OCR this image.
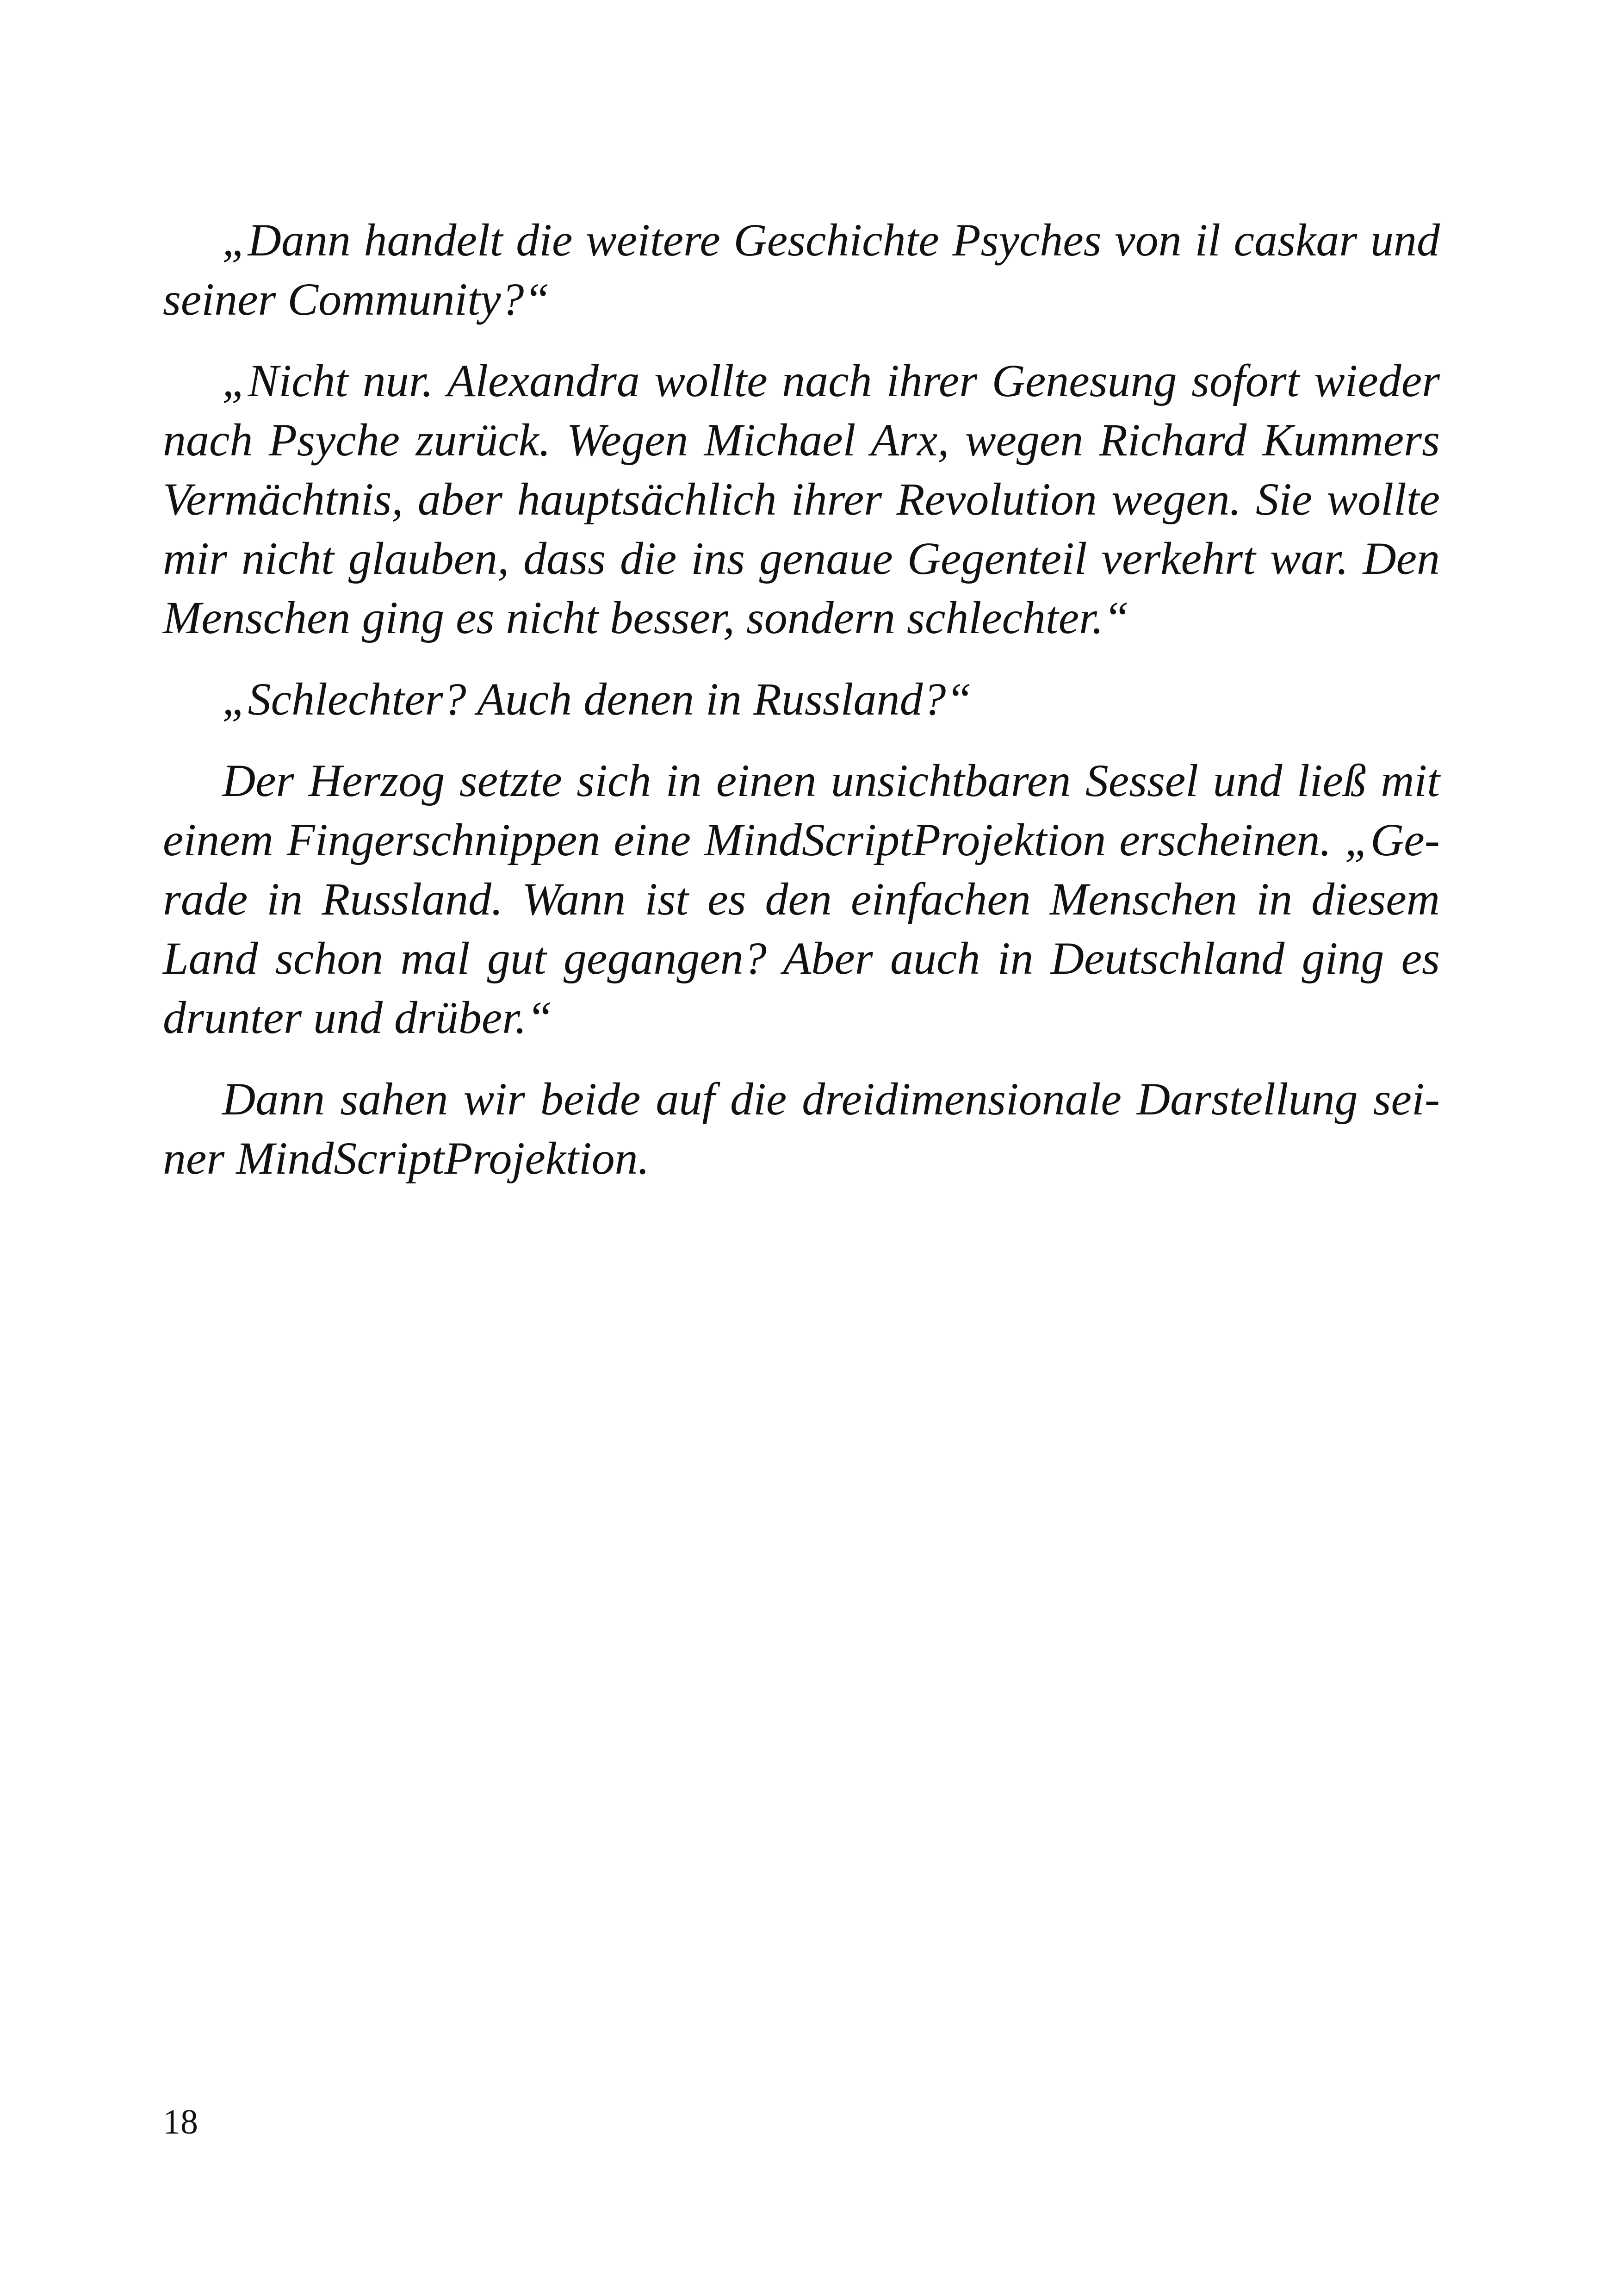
„Dann handelt die weitere Geschichte Psyches von il caskar und
seiner Community?“

„Nicht nur. Alexandra wollte nach ihrer Genesung sofort wieder
nach Psyche zurück. Wegen Michael Arx, wegen Richard Kummers
Vermächtnis, aber hauptsächlich ihrer Revolution wegen. Sie wollte
mir nicht glauben, dass die ins genaue Gegenteil verkehrt war. Den
Menschen ging es nicht besser, sondern schlechter.“

„Schlechter? Auch denen in Russland?“

Der Herzog setzte sich in einen unsichtbaren Sessel und ließ mit
einem Fingerschnippen eine MindScriptProjektion erscheinen. „Ge-
rade in Russland. Wann ist es den einfachen Menschen in diesem
Land schon mal gut gegangen? Aber auch in Deutschland ging es
drunter und drüber.“

Dann sahen wir beide auf die dreidimensionale Darstellung sei-
ner MindScriptProjektion.

18
